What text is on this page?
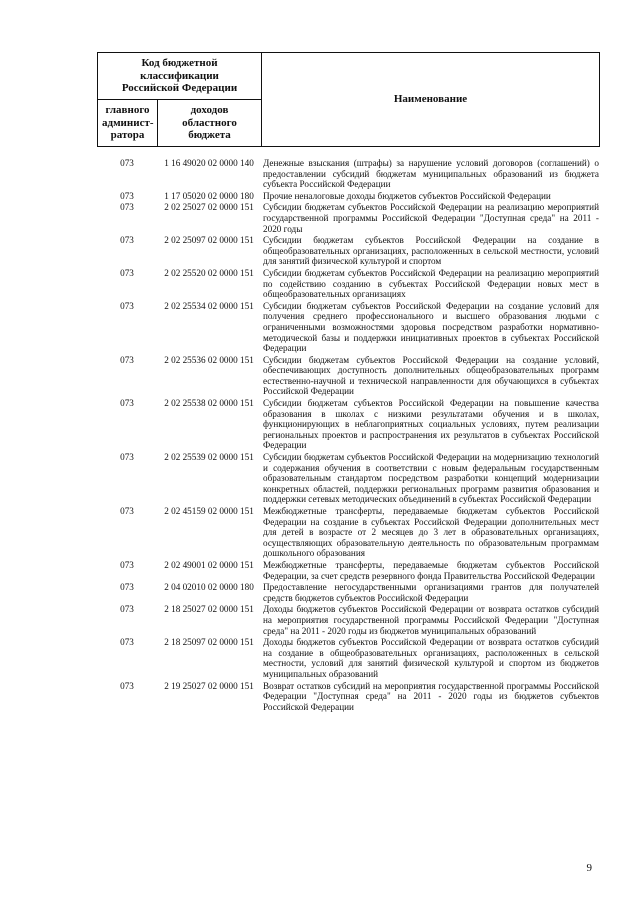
Код бюджетной классификации Российской Федерации		Наименование
главного админист-ратора	доходов областного бюджета	
073	1 16 49020 02 0000 140	Денежные взыскания (штрафы) за нарушение условий договоров (соглашений) о предоставлении субсидий бюджетам муниципальных образований из бюджета субъекта Российской Федерации
073	1 17 05020 02 0000 180	Прочие неналоговые доходы бюджетов субъектов Российской Федерации
073	2 02 25027 02 0000 151	Субсидии бюджетам субъектов Российской Федерации на реализацию мероприятий государственной программы Российской Федерации "Доступная среда" на 2011 - 2020 годы
073	2 02 25097 02 0000 151	Субсидии бюджетам субъектов Российской Федерации на создание в общеобразовательных организациях, расположенных в сельской местности, условий для занятий физической культурой и спортом
073	2 02 25520 02 0000 151	Субсидии бюджетам субъектов Российской Федерации на реализацию мероприятий по содействию созданию в субъектах Российской Федерации новых мест в общеобразовательных организациях
073	2 02 25534 02 0000 151	Субсидии бюджетам субъектов Российской Федерации на создание условий для получения среднего профессионального и высшего образования людьми с ограниченными возможностями здоровья посредством разработки нормативно-методической базы и поддержки инициативных проектов в субъектах Российской Федерации
073	2 02 25536 02 0000 151	Субсидии бюджетам субъектов Российской Федерации на создание условий, обеспечивающих доступность дополнительных общеобразовательных программ естественно-научной и технической направленности для обучающихся в субъектах Российской Федерации
073	2 02 25538 02 0000 151	Субсидии бюджетам субъектов Российской Федерации на повышение качества образования в школах с низкими результатами обучения и в школах, функционирующих в неблагоприятных социальных условиях, путем реализации региональных проектов и распространения их результатов в субъектах Российской Федерации
073	2 02 25539 02 0000 151	Субсидии бюджетам субъектов Российской Федерации на модернизацию технологий и содержания обучения в соответствии с новым федеральным государственным образовательным стандартом посредством разработки концепций модернизации конкретных областей, поддержки региональных программ развития образования и поддержки сетевых методических объединений в субъектах Российской Федерации
073	2 02 45159 02 0000 151	Межбюджетные трансферты, передаваемые бюджетам субъектов Российской Федерации на создание в субъектах Российской Федерации дополнительных мест для детей в возрасте от 2 месяцев до 3 лет в образовательных организациях, осуществляющих образовательную деятельность по образовательным программам дошкольного образования
073	2 02 49001 02 0000 151	Межбюджетные трансферты, передаваемые бюджетам субъектов Российской Федерации, за счет средств резервного фонда Правительства Российской Федерации
073	2 04 02010 02 0000 180	Предоставление негосударственными организациями грантов для получателей средств бюджетов субъектов Российской Федерации
073	2 18 25027 02 0000 151	Доходы бюджетов субъектов Российской Федерации от возврата остатков субсидий на мероприятия государственной программы Российской Федерации "Доступная среда" на 2011 - 2020 годы из бюджетов муниципальных образований
073	2 18 25097 02 0000 151	Доходы бюджетов субъектов Российской Федерации от возврата остатков субсидий на создание в общеобразовательных организациях, расположенных в сельской местности, условий для занятий физической культурой и спортом из бюджетов муниципальных образований
073	2 19 25027 02 0000 151	Возврат остатков субсидий на мероприятия государственной программы Российской Федерации "Доступная среда" на 2011 - 2020 годы из бюджетов субъектов Российской Федерации
9
